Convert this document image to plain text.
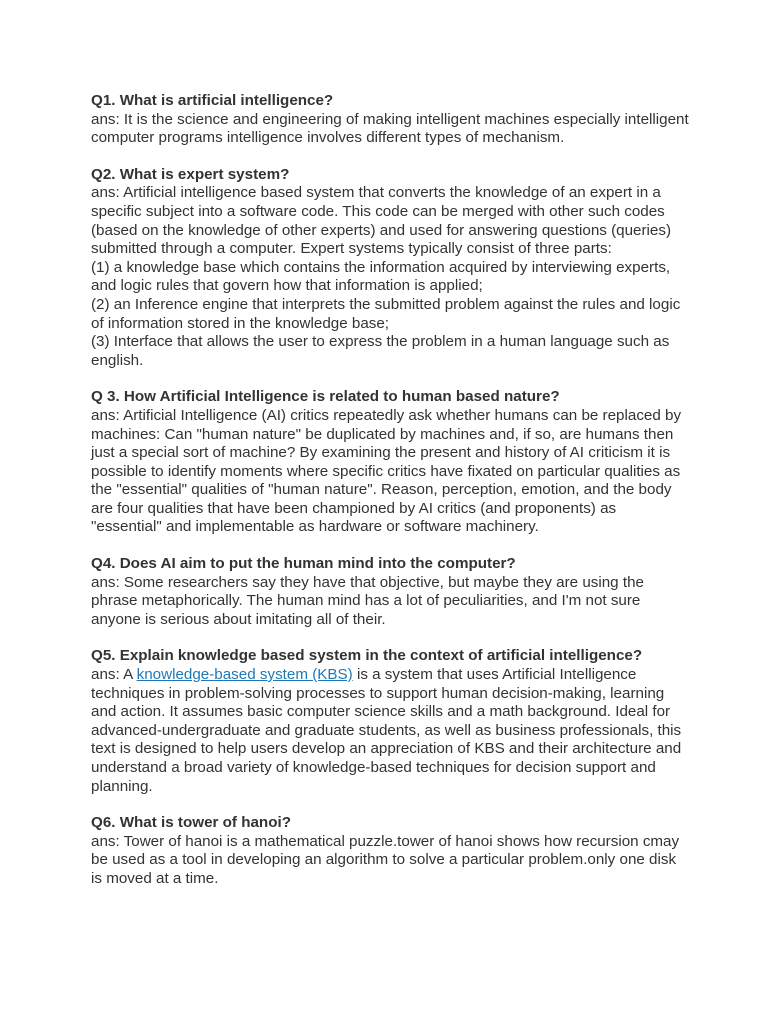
Q1. What is artificial intelligence?

ans: It is the science and engineering of making intelligent machines especially intelligent computer programs intelligence involves different types of mechanism.

Q2. What is expert system?

ans: Artificial intelligence based system that converts the knowledge of an expert in a specific subject into a software code. This code can be merged with other such codes (based on the knowledge of other experts) and used for answering questions (queries) submitted through a computer. Expert systems typically consist of three parts:
(1) a knowledge base which contains the information acquired by interviewing experts, and logic rules that govern how that information is applied;
(2) an Inference engine that interprets the submitted problem against the rules and logic of information stored in the knowledge base;
(3) Interface that allows the user to express the problem in a human language such as english.

Q 3. How Artificial Intelligence is related to human based nature?

ans: Artificial Intelligence (AI) critics repeatedly ask whether humans can be replaced by machines: Can "human nature" be duplicated by machines and, if so, are humans then just a special sort of machine? By examining the present and history of AI criticism it is possible to identify moments where specific critics have fixated on particular qualities as the "essential" qualities of "human nature". Reason, perception, emotion, and the body are four qualities that have been championed by AI critics (and proponents) as "essential" and implementable as hardware or software machinery.

Q4. Does AI aim to put the human mind into the computer?

ans: Some researchers say they have that objective, but maybe they are using the phrase metaphorically. The human mind has a lot of peculiarities, and I'm not sure anyone is serious about imitating all of their.

Q5. Explain knowledge based system in the context of artificial intelligence?

ans: A knowledge-based system (KBS) is a system that uses Artificial Intelligence techniques in problem-solving processes to support human decision-making, learning and action. It assumes basic computer science skills and a math background. Ideal for advanced-undergraduate and graduate students, as well as business professionals, this text is designed to help users develop an appreciation of KBS and their architecture and understand a broad variety of knowledge-based techniques for decision support and planning.

Q6. What is tower of hanoi?

ans: Tower of hanoi is a mathematical puzzle.tower of hanoi shows how recursion cmay be used as a tool in developing an algorithm to solve a particular problem.only one disk is moved at a time.
